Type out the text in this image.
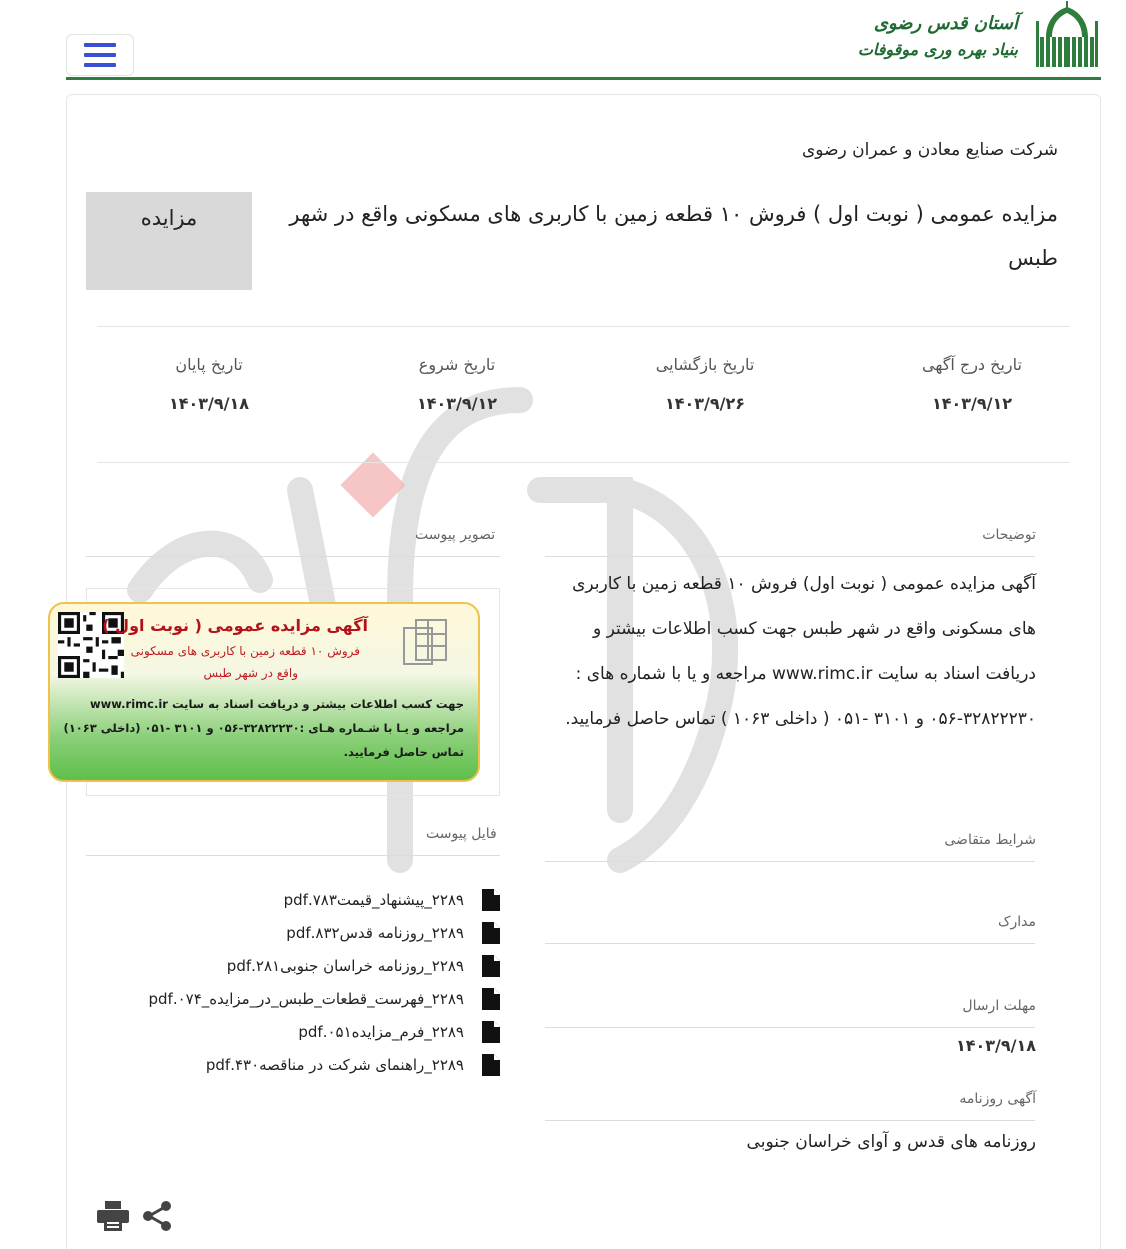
آستان قدس رضوی
بنیاد بهره وری موقوفات
شرکت صنایع معادن و عمران رضوی
مزایده عمومی ( نوبت اول ) فروش ۱۰ قطعه زمین با کاربری های مسکونی واقع در شهر طبس
مزایده
تاریخ درج آگهی
۱۴۰۳/۹/۱۲
تاریخ بازگشایی
۱۴۰۳/۹/۲۶
تاریخ شروع
۱۴۰۳/۹/۱۲
تاریخ پایان
۱۴۰۳/۹/۱۸
توضیحات
آگهی مزایده عمومی ( نوبت اول) فروش ۱۰ قطعه زمین با کاربری های مسکونی واقع در شهر طبس جهت کسب اطلاعات بیشتر و دریافت اسناد به سایت www.rimc.ir مراجعه و یا با شماره های : ۳۲۸۲۲۲۳۰-۰۵۶ و ۳۱۰۱ -۰۵۱ ( داخلی ۱۰۶۳ ) تماس حاصل فرمایید.
شرایط متقاضی
مدارک
مهلت ارسال
۱۴۰۳/۹/۱۸
آگهی روزنامه
روزنامه های قدس و آوای خراسان جنوبی
تصویر پیوست
آگهی مزایده عمومی ( نوبت اول )
فروش ۱۰ قطعه زمین با کاربری های مسکونی
واقع در شهر طبس
جهت کسب اطلاعات بیشتر و دریافت اسناد به سایت www.rimc.ir مراجعه و یـا با شـماره هـای :۳۲۸۲۲۲۳۰-۰۵۶ و ۳۱۰۱ -۰۵۱ (داخلی ۱۰۶۳) تماس حاصل فرمایید.
فایل پیوست
۲۲۸۹_پیشنهاد_قیمت۷۸۳.pdf
۲۲۸۹_روزنامه قدس۸۳۲.pdf
۲۲۸۹_روزنامه خراسان جنوبی۲۸۱.pdf
۲۲۸۹_فهرست_قطعات_طبس_در_مزایده_۰۷۴.pdf
۲۲۸۹_فرم_مزایده۰۵۱.pdf
۲۲۸۹_راهنمای شرکت در مناقصه۴۳۰.pdf
